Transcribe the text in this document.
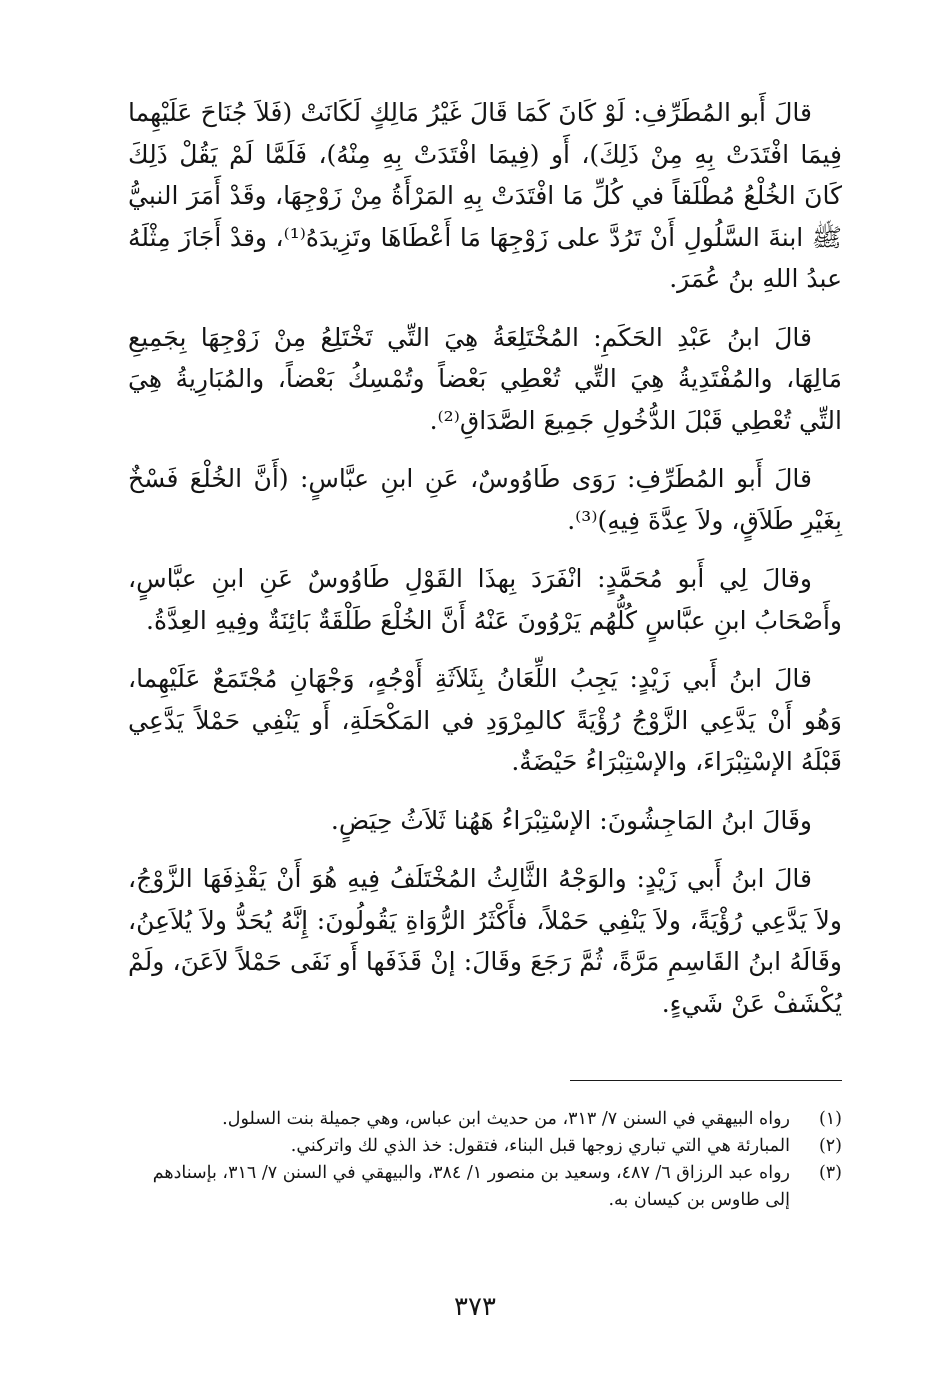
قالَ أَبو المُطَرِّفِ: لَوْ كَانَ كَمَا قَالَ غَيْرُ مَالِكٍ لَكَانَتْ (فَلاَ جُنَاحَ عَلَيْهِما فِيمَا افْتَدَتْ بِهِ مِنْ ذَلِكَ)، أَو (فِيمَا افْتَدَتْ بِهِ مِنْهُ)، فَلَمَّا لَمْ يَقُلْ ذَلِكَ كَانَ الخُلْعُ مُطْلَقاً في كُلِّ مَا افْتَدَتْ بِهِ المَرْأَةُ مِنْ زَوْجِهَا، وقَدْ أَمَرَ النبيُّ ﷺ ابنةَ السَّلُولِ أَنْ تَرُدَّ على زَوْجِهَا مَا أَعْطَاهَا وتَزِيدَهُ⁽¹⁾، وقدْ أَجَازَ مِثْلَهُ عبدُ اللهِ بنُ عُمَرَ.

قالَ ابنُ عَبْدِ الحَكَمِ: المُخْتَلِعَةُ هِيَ التِّي تَخْتَلِعُ مِنْ زَوْجِهَا بِجَمِيعِ مَالِهَا، والمُفْتَدِيةُ هِيَ التِّي تُعْطِي بَعْضاً وتُمْسِكُ بَعْضاً، والمُبَارِيةُ هِيَ التِّي تُعْطِي قَبْلَ الدُّخُولِ جَمِيعَ الصَّدَاقِ⁽²⁾.

قالَ أَبو المُطَرِّفِ: رَوَى طَاوُوسٌ، عَنِ ابنِ عبَّاسٍ: (أَنَّ الخُلْعَ فَسْخٌ بِغَيْرِ طَلاَقٍ، ولاَ عِدَّةَ فِيهِ)⁽³⁾.

وقالَ لِي أَبو مُحَمَّدٍ: انْفَرَدَ بِهذَا القَوْلِ طَاوُوسٌ عَنِ ابنِ عبَّاسٍ، وأَصْحَابُ ابنِ عبَّاسٍ كُلُّهُم يَرْوُونَ عَنْهُ أَنَّ الخُلْعَ طَلْقَةٌ بَائِنَةٌ وفِيهِ العِدَّةُ.

قالَ ابنُ أَبي زَيْدٍ: يَجِبُ اللِّعَانُ بِثَلاَثَةِ أَوْجُهٍ، وَجْهَانِ مُجْتَمَعٌ عَلَيْهِما، وَهُو أَنْ يَدَّعِي الزَّوْجُ رُؤْيَةً كالمِرْوَدِ في المَكْحَلَةِ، أَو يَنْفِي حَمْلاً يَدَّعِي قَبْلَهُ الإسْتِبْرَاءَ، والإسْتِبْرَاءُ حَيْضَةٌ.

وقَالَ ابنُ المَاجِشُونَ: الإسْتِبْرَاءُ هَهُنا ثَلاَثُ حِيَضٍ.

قالَ ابنُ أَبي زَيْدٍ: والوَجْهُ الثَّالِثُ المُخْتَلَفُ فِيهِ هُوَ أَنْ يَقْذِفَهَا الزَّوْجُ، ولاَ يَدَّعِي رُؤْيَةً، ولاَ يَنْفِي حَمْلاً، فأَكْثَرُ الرُّوَاةِ يَقُولُونَ: إِنَّهُ يُحَدُّ ولاَ يُلاَعِنُ، وقَالَهُ ابنُ القَاسِمِ مَرَّةً، ثُمَّ رَجَعَ وقَالَ: إنْ قَذَفَها أَو نَفَى حَمْلاً لاَعَنَ، ولَمْ يُكْشَفْ عَنْ شَيءٍ.

(١)
رواه البيهقي في السنن ٧/ ٣١٣، من حديث ابن عباس، وهي جميلة بنت السلول.
(٢)
المبارئة هي التي تباري زوجها قبل البناء، فتقول: خذ الذي لك واتركني.
(٣)
رواه عبد الرزاق ٦/ ٤٨٧، وسعيد بن منصور ١/ ٣٨٤، والبيهقي في السنن ٧/ ٣١٦، بإسنادهم إلى طاوس بن كيسان به.
٣٧٣
